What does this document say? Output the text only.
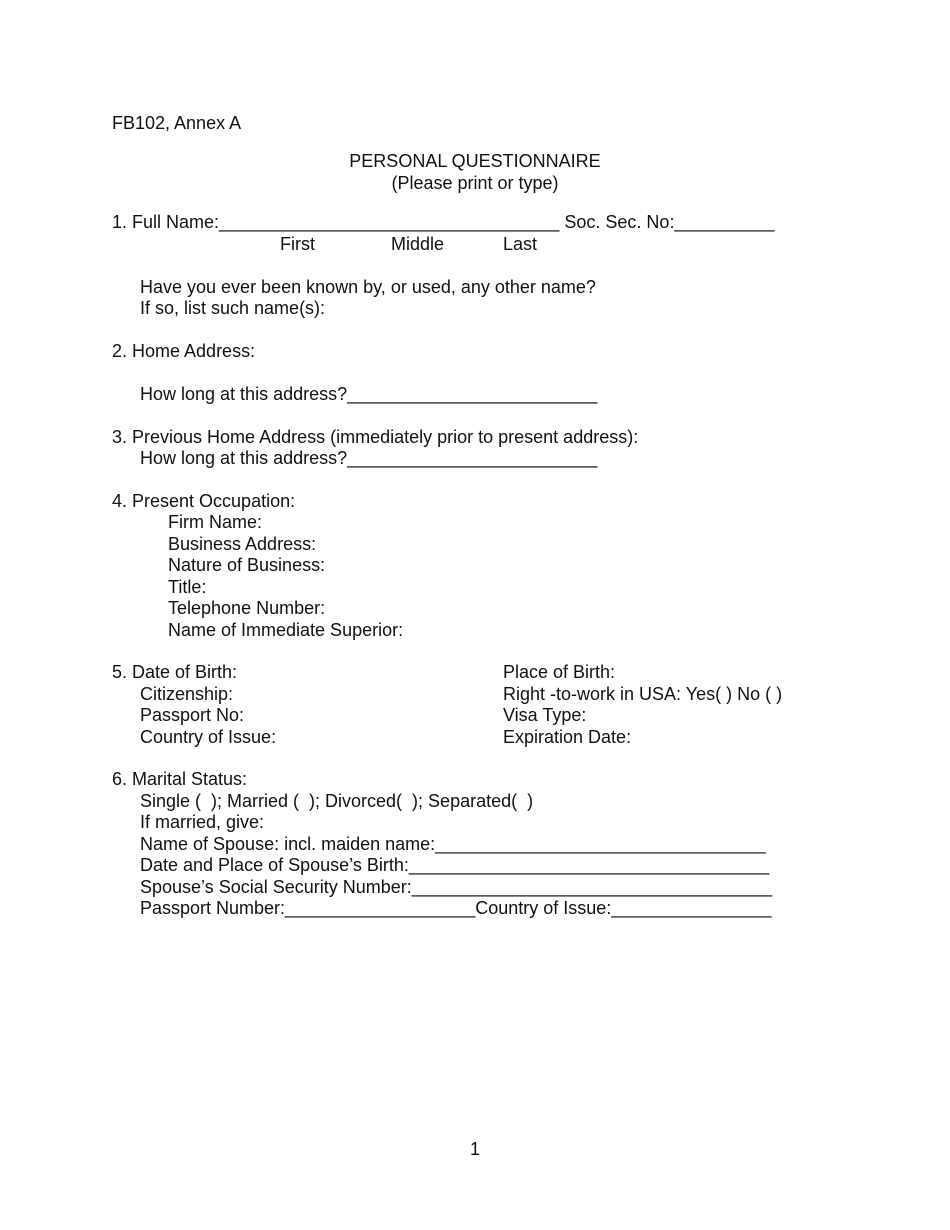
FB102, Annex A
PERSONAL QUESTIONNAIRE
(Please print or type)
1. Full Name:__________________________________ Soc. Sec. No:__________
First	Middle	Last
Have you ever been known by, or used, any other name?
If so, list such name(s):
2. Home Address:
How long at this address?_________________________
3. Previous Home Address (immediately prior to present address):
How long at this address?_________________________
4. Present Occupation:
Firm Name:
Business Address:
Nature of Business:
Title:
Telephone Number:
Name of Immediate Superior:
5. Date of Birth:
Citizenship:
Passport No:
Country of Issue:
Place of Birth:
Right -to-work in USA: Yes( ) No ( )
Visa Type:
Expiration Date:
6. Marital Status:
Single (  ); Married (  ); Divorced(  ); Separated(  )
If married, give:
Name of Spouse: incl. maiden name:_________________________________
Date and Place of Spouse’s Birth:____________________________________
Spouse’s Social Security Number:____________________________________
Passport Number:___________________Country of Issue:________________
1
